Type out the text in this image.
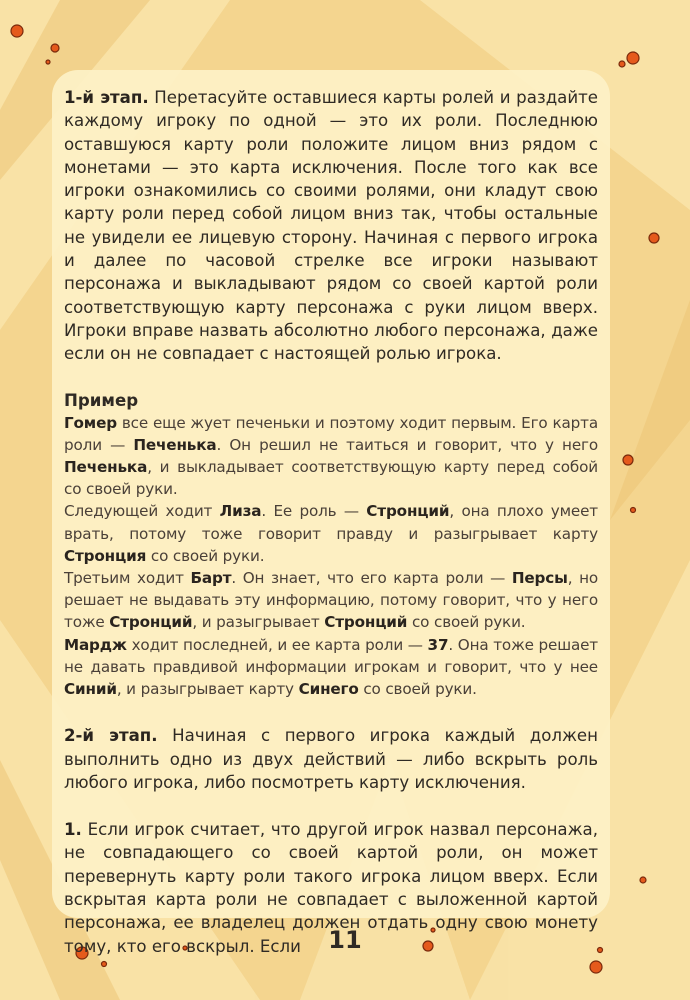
1-й этап. Перетасуйте оставшиеся карты ролей и раздайте каждому игроку по одной — это их роли. Последнюю оставшуюся карту роли положите лицом вниз рядом с монетами — это карта исключения. После того как все игроки ознакомились со своими ролями, они кладут свою карту роли перед собой лицом вниз так, чтобы остальные не увидели ее лицевую сторону. Начиная с первого игрока и далее по часовой стрелке все игроки называют персонажа и выкладывают рядом со своей картой роли соответствующую карту персонажа с руки лицом вверх. Игроки вправе назвать абсолютно любого персонажа, даже если он не совпадает с настоящей ролью игрока.

Пример

Гомер все еще жует печеньки и поэтому ходит первым. Его карта роли — Печенька. Он решил не таиться и говорит, что у него Печенька, и выкладывает соответствующую карту перед собой со своей руки.

Следующей ходит Лиза. Ее роль — Стронций, она плохо умеет врать, потому тоже говорит правду и разыгрывает карту Стронция со своей руки.

Третьим ходит Барт. Он знает, что его карта роли — Персы, но решает не выдавать эту информацию, потому говорит, что у него тоже Стронций, и разыгрывает Стронций со своей руки.

Мардж ходит последней, и ее карта роли — 37. Она тоже решает не давать правдивой информации игрокам и говорит, что у нее Синий, и разыгрывает карту Синего со своей руки.

2-й этап. Начиная с первого игрока каждый должен выполнить одно из двух действий — либо вскрыть роль любого игрока, либо посмотреть карту исключения.

1. Если игрок считает, что другой игрок назвал персонажа, не совпадающего со своей картой роли, он может перевернуть карту роли такого игрока лицом вверх. Если вскрытая карта роли не совпадает с выложенной картой персонажа, ее владелец должен отдать одну свою монету тому, кто его вскрыл. Если	11
